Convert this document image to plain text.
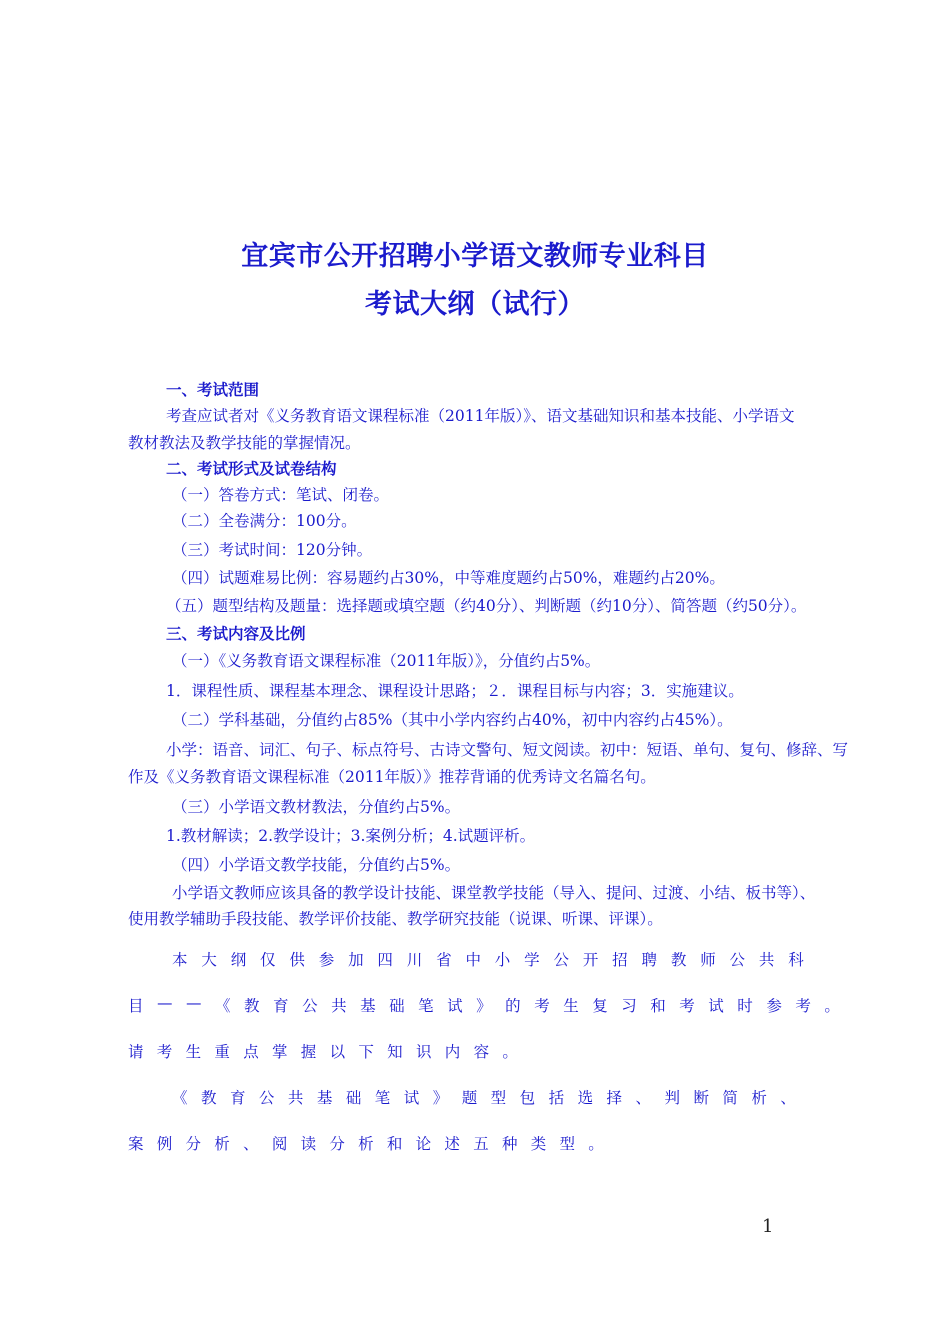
宜宾市公开招聘小学语文教师专业科目
考试大纲（试行）
一、考试范围
考查应试者对《义务教育语文课程标准（2011年版）》、语文基础知识和基本技能、小学语文
教材教法及教学技能的掌握情况。
二、考试形式及试卷结构
（一）答卷方式：笔试、闭卷。
（二）全卷满分：100分。
（三）考试时间：120分钟。
（四）试题难易比例：容易题约占30%，中等难度题约占50%，难题约占20%。
（五）题型结构及题量：选择题或填空题（约40分）、判断题（约10分）、简答题（约50分）。
三、考试内容及比例
（一）《义务教育语文课程标准（2011年版）》，分值约占5%。
1．课程性质、课程基本理念、课程设计思路；２．课程目标与内容；3．实施建议。
（二）学科基础，分值约占85%（其中小学内容约占40%，初中内容约占45%）。
小学：语音、词汇、句子、标点符号、古诗文警句、短文阅读。初中：短语、单句、复句、修辞、写
作及《义务教育语文课程标准（2011年版）》推荐背诵的优秀诗文名篇名句。
（三）小学语文教材教法，分值约占5%。
1.教材解读；2.教学设计；3.案例分析；4.试题评析。
（四）小学语文教学技能，分值约占5%。
小学语文教师应该具备的教学设计技能、课堂教学技能（导入、提问、过渡、小结、板书等）、
使用教学辅助手段技能、教学评价技能、教学研究技能（说课、听课、评课）。
本 大 纲 仅 供 参 加 四 川 省 中 小 学 公 开 招 聘 教 师 公 共 科
目 — — 《 教 育 公 共 基 础 笔 试 》 的 考 生 复 习 和 考 试 时 参 考 。
请 考 生 重 点 掌 握 以 下 知 识 内 容 。
《 教 育 公 共 基 础 笔 试 》 题 型 包 括 选 择 、 判 断 简 析 、
案 例 分 析 、 阅 读 分 析 和 论 述 五 种 类 型 。
1
